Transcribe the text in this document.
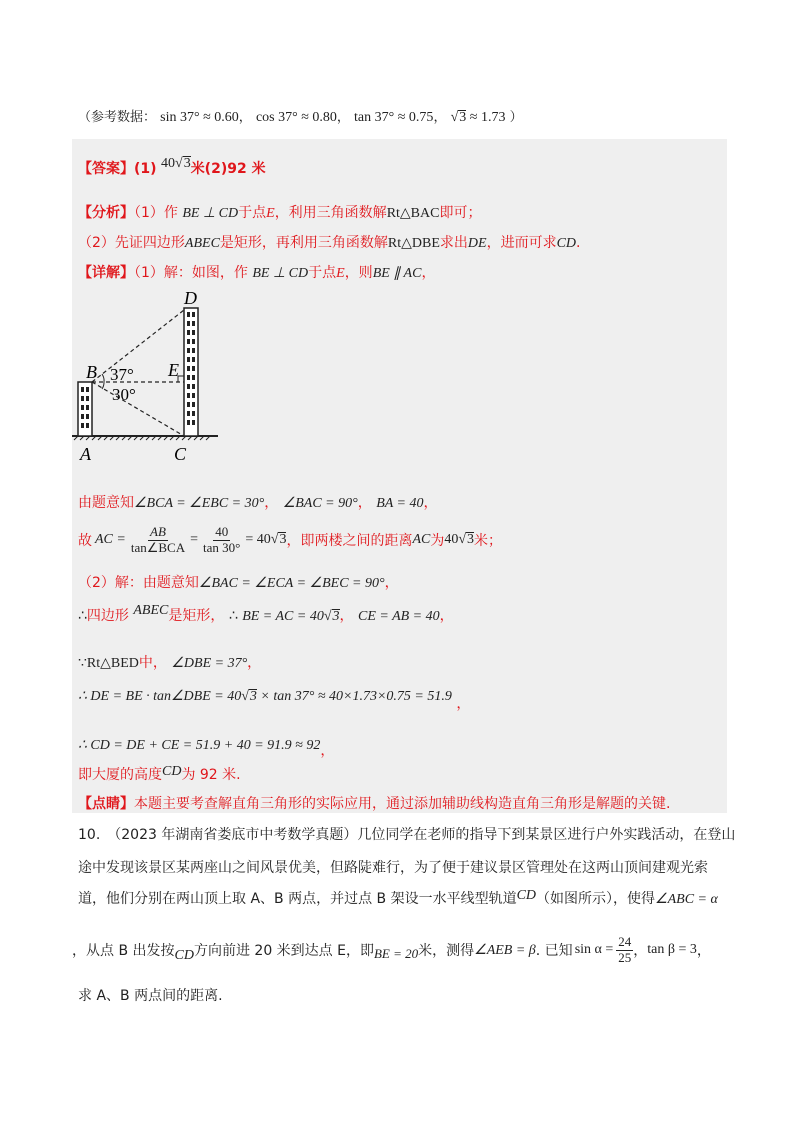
（参考数据： sin 37° ≈ 0.60， cos 37° ≈ 0.80， tan 37° ≈ 0.75， √3 ≈ 1.73 ）
【答案】(1) 40√3米(2)92 米
【分析】（1）作 BE ⊥ CD于点E，利用三角函数解Rt△BAC即可；
（2）先证四边形ABEC是矩形，再利用三角函数解Rt△DBE求出DE，进而可求CD.
【详解】（1）解：如图，作 BE ⊥ CD于点E，则BE ∥ AC，
D
B	E
A	C
37°
30°
由题意知∠BCA = ∠EBC = 30°， ∠BAC = 90°， BA = 40，
故 AC = $\frac{AB}{\text{tan∠BCA}} = \frac{40}{\tan 30^\circ} = 40√3$ ，即两楼之间的距离 AC 为 40√3 米；
（2）解：由题意知∠BAC = ∠ECA = ∠BEC = 90°，
∴四边形 ABEC是矩形， ∴ BE = AC = 40√3， CE = AB = 40，
∵Rt△BED中， ∠DBE = 37°，
∴ DE = BE · tan∠DBE = 40√3 × tan 37° ≈ 40×1.73×0.75 = 51.9 ，
∴ CD = DE + CE = 51.9 + 40 = 91.9 ≈ 92，
即大厦的高度CD为 92 米.
【点睛】本题主要考查解直角三角形的实际应用，通过添加辅助线构造直角三角形是解题的关键.
10.　（2023 年湖南省娄底市中考数学真题）几位同学在老师的指导下到某景区进行户外实践活动，在登山
途中发现该景区某两座山之间风景优美，但路陡难行，为了便于建议景区管理处在这两山顶间建观光索
道，他们分别在两山顶上取 A、B 两点，并过点 B 架设一水平线型轨道CD（如图所示），使得∠ABC = α
，从点 B 出发按 CD 方向前进 20 米到达点 E，即 BE = 20 米，测得 ∠AEB = β . 已知 $\sin \alpha = \frac{24}{25}$ ， tan β = 3 ，
求 A、B 两点间的距离.
